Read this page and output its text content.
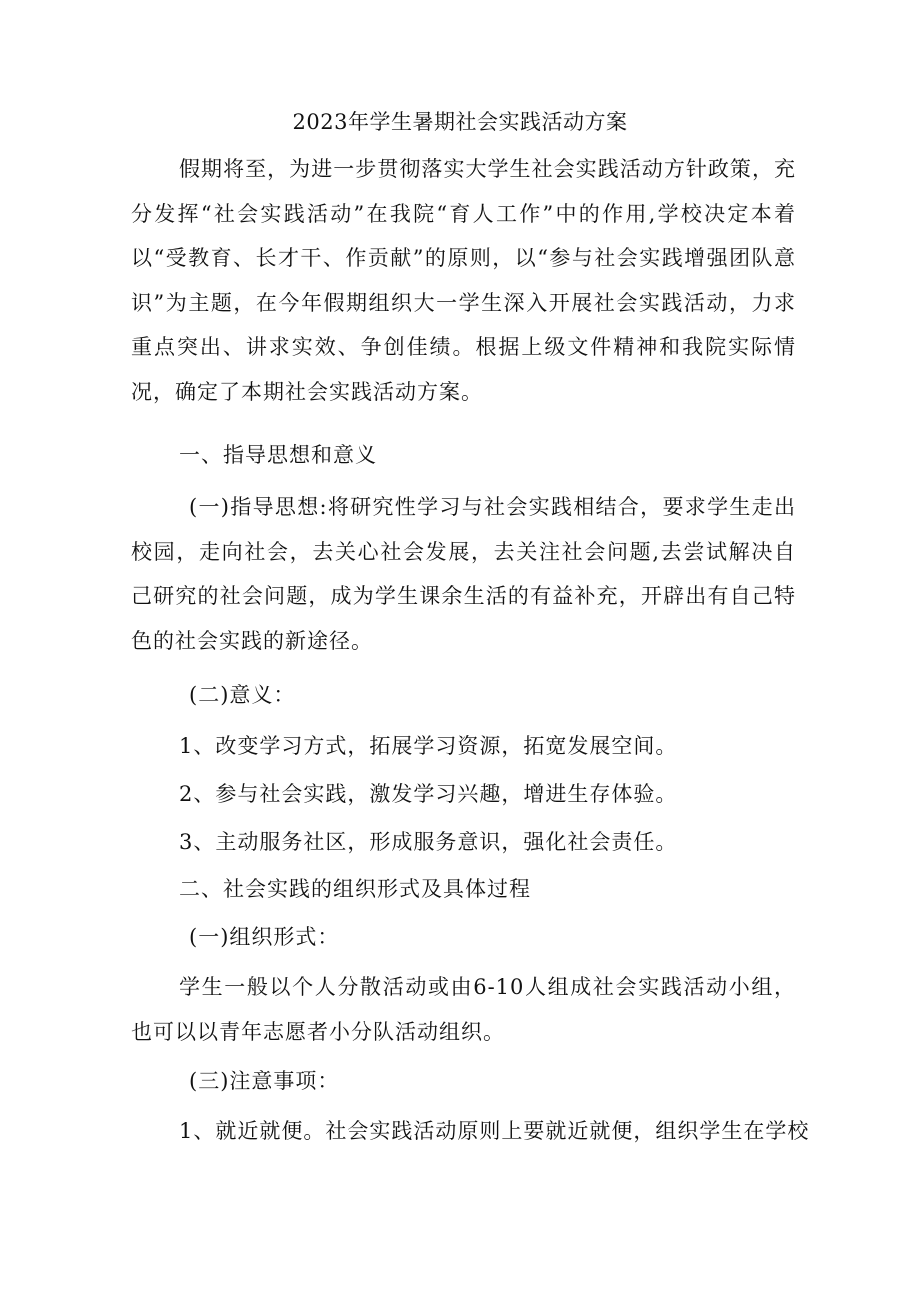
2023年学生暑期社会实践活动方案

假期将至，为进一步贯彻落实大学生社会实践活动方针政策，充分发挥“社会实践活动”在我院“育人工作”中的作用,学校决定本着以“受教育、长才干、作贡献”的原则，以“参与社会实践增强团队意识”为主题，在今年假期组织大一学生深入开展社会实践活动，力求重点突出、讲求实效、争创佳绩。根据上级文件精神和我院实际情况，确定了本期社会实践活动方案。

一、指导思想和意义

(一)指导思想:将研究性学习与社会实践相结合，要求学生走出校园，走向社会，去关心社会发展，去关注社会问题,去尝试解决自己研究的社会问题，成为学生课余生活的有益补充，开辟出有自己特色的社会实践的新途径。

(二)意义：

1、改变学习方式，拓展学习资源，拓宽发展空间。

2、参与社会实践，激发学习兴趣，增进生存体验。

3、主动服务社区，形成服务意识，强化社会责任。

二、社会实践的组织形式及具体过程

(一)组织形式：

学生一般以个人分散活动或由6-10人组成社会实践活动小组，也可以以青年志愿者小分队活动组织。

(三)注意事项：

1、就近就便。社会实践活动原则上要就近就便，组织学生在学校
